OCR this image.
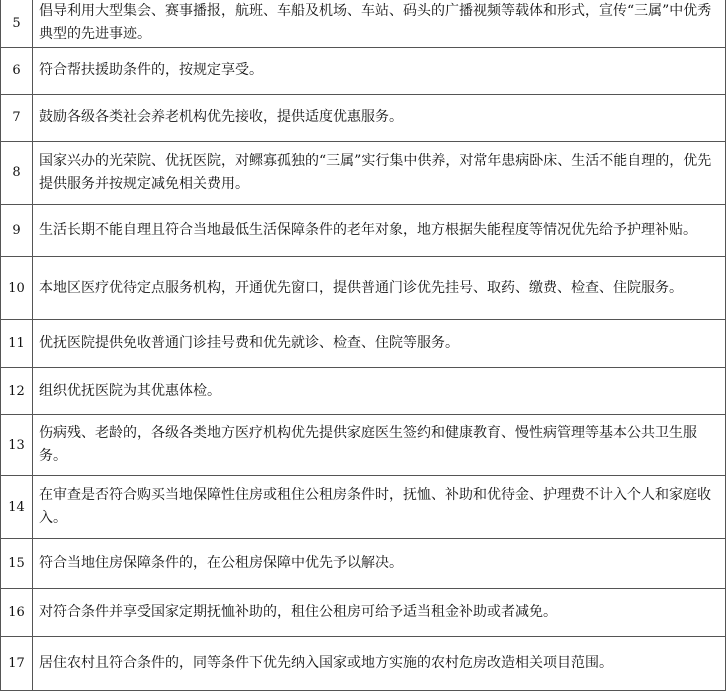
5	倡导利用大型集会、赛事播报，航班、车船及机场、车站、码头的广播视频等载体和形式，宣传“三属”中优秀典型的先进事迹。
6	符合帮扶援助条件的，按规定享受。
7	鼓励各级各类社会养老机构优先接收，提供适度优惠服务。
8	国家兴办的光荣院、优抚医院，对鳏寡孤独的“三属”实行集中供养，对常年患病卧床、生活不能自理的，优先提供服务并按规定减免相关费用。
9	生活长期不能自理且符合当地最低生活保障条件的老年对象，地方根据失能程度等情况优先给予护理补贴。
10	本地区医疗优待定点服务机构，开通优先窗口，提供普通门诊优先挂号、取药、缴费、检查、住院服务。
11	优抚医院提供免收普通门诊挂号费和优先就诊、检查、住院等服务。
12	组织优抚医院为其优惠体检。
13	伤病残、老龄的，各级各类地方医疗机构优先提供家庭医生签约和健康教育、慢性病管理等基本公共卫生服务。
14	在审查是否符合购买当地保障性住房或租住公租房条件时，抚恤、补助和优待金、护理费不计入个人和家庭收入。
15	符合当地住房保障条件的，在公租房保障中优先予以解决。
16	对符合条件并享受国家定期抚恤补助的，租住公租房可给予适当租金补助或者减免。
17	居住农村且符合条件的，同等条件下优先纳入国家或地方实施的农村危房改造相关项目范围。
